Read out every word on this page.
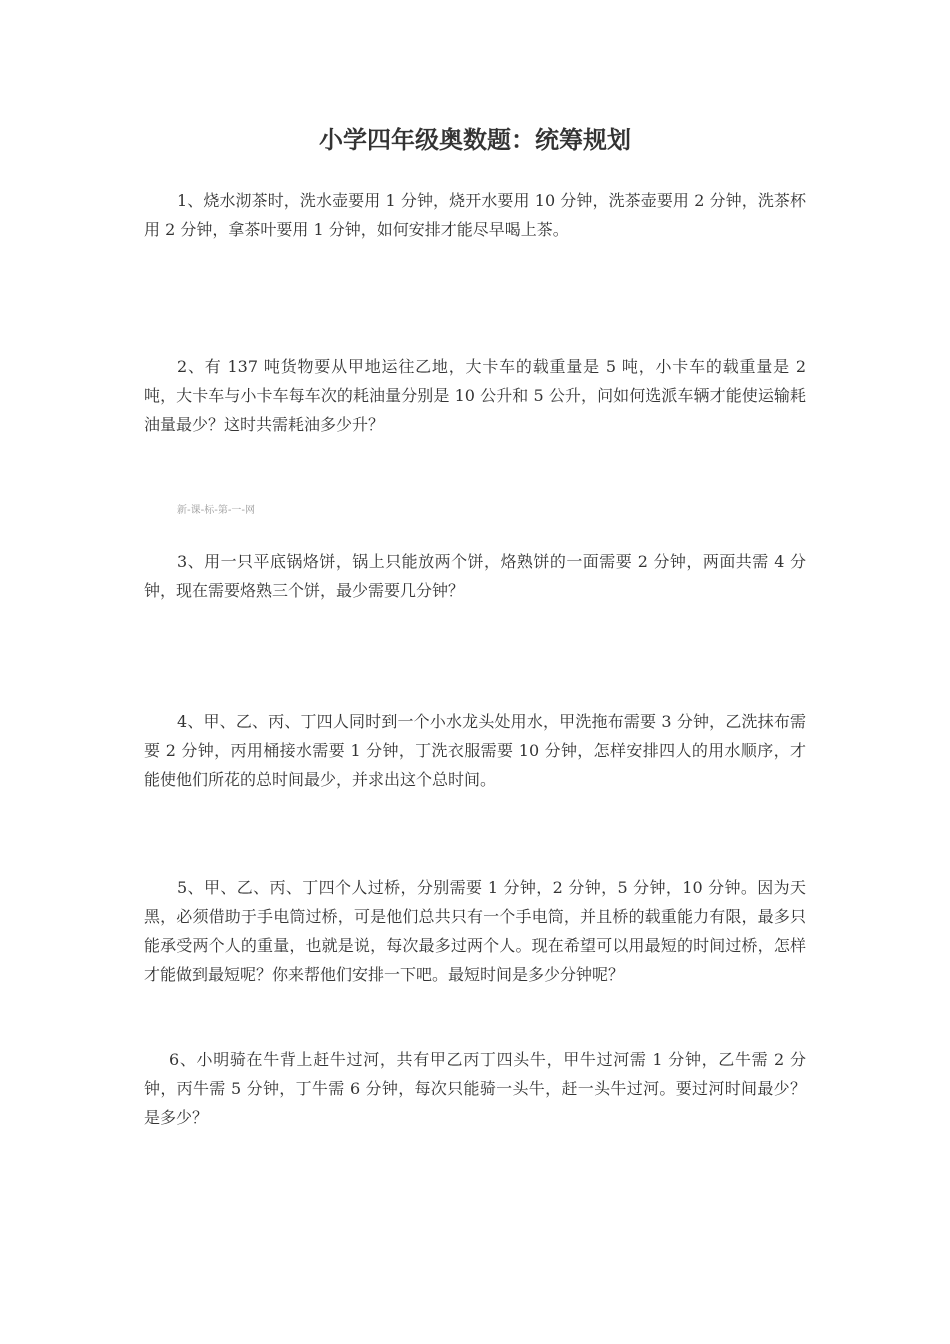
小学四年级奥数题：统筹规划

1、烧水沏茶时，洗水壶要用 1 分钟，烧开水要用 10 分钟，洗茶壶要用 2 分钟，洗茶杯用 2 分钟，拿茶叶要用 1 分钟，如何安排才能尽早喝上茶。

2、有 137 吨货物要从甲地运往乙地，大卡车的载重量是 5 吨，小卡车的载重量是 2 吨，大卡车与小卡车每车次的耗油量分别是 10 公升和 5 公升，问如何选派车辆才能使运输耗油量最少？这时共需耗油多少升？

新-课-标-第-一-网

3、用一只平底锅烙饼，锅上只能放两个饼，烙熟饼的一面需要 2 分钟，两面共需 4 分钟，现在需要烙熟三个饼，最少需要几分钟？

4、甲、乙、丙、丁四人同时到一个小水龙头处用水，甲洗拖布需要 3 分钟，乙洗抹布需要 2 分钟，丙用桶接水需要 1 分钟，丁洗衣服需要 10 分钟，怎样安排四人的用水顺序，才能使他们所花的总时间最少，并求出这个总时间。

5、甲、乙、丙、丁四个人过桥，分别需要 1 分钟，2 分钟，5 分钟，10 分钟。因为天黑，必须借助于手电筒过桥，可是他们总共只有一个手电筒，并且桥的载重能力有限，最多只能承受两个人的重量，也就是说，每次最多过两个人。现在希望可以用最短的时间过桥，怎样才能做到最短呢？你来帮他们安排一下吧。最短时间是多少分钟呢？

6、小明骑在牛背上赶牛过河，共有甲乙丙丁四头牛，甲牛过河需 1 分钟，乙牛需 2 分钟，丙牛需 5 分钟，丁牛需 6 分钟，每次只能骑一头牛，赶一头牛过河。要过河时间最少？是多少？
